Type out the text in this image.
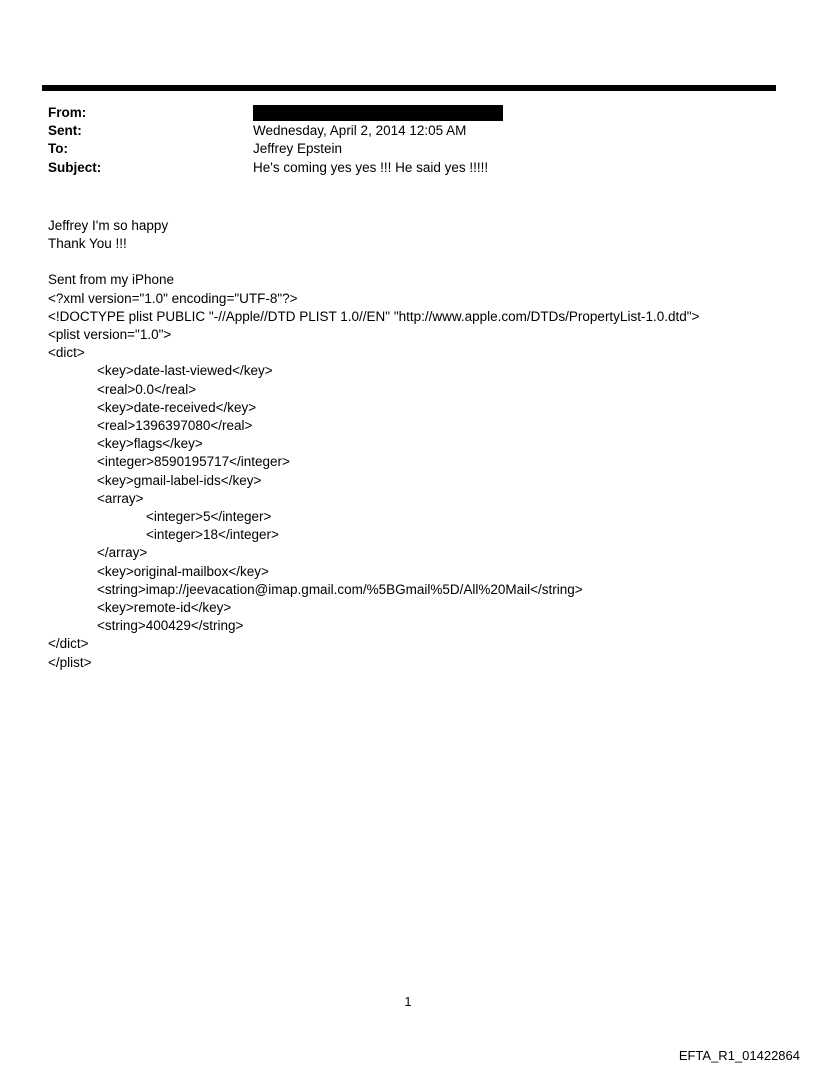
From:
Sent:	Wednesday, April 2, 2014 12:05 AM
To:	Jeffrey Epstein
Subject:	He's coming yes yes !!! He said yes !!!!!
Jeffrey I'm so happy
Thank You !!!
Sent from my iPhone
<?xml version="1.0" encoding="UTF-8"?>
<!DOCTYPE plist PUBLIC "-//Apple//DTD PLIST 1.0//EN" "http://www.apple.com/DTDs/PropertyList-1.0.dtd">
<plist version="1.0">
<dict>
<key>date-last-viewed</key>
<real>0.0</real>
<key>date-received</key>
<real>1396397080</real>
<key>flags</key>
<integer>8590195717</integer>
<key>gmail-label-ids</key>
<array>
<integer>5</integer>
<integer>18</integer>
</array>
<key>original-mailbox</key>
<string>imap://jeevacation@imap.gmail.com/%5BGmail%5D/All%20Mail</string>
<key>remote-id</key>
<string>400429</string>
</dict>
</plist>
1
EFTA_R1_01422864
